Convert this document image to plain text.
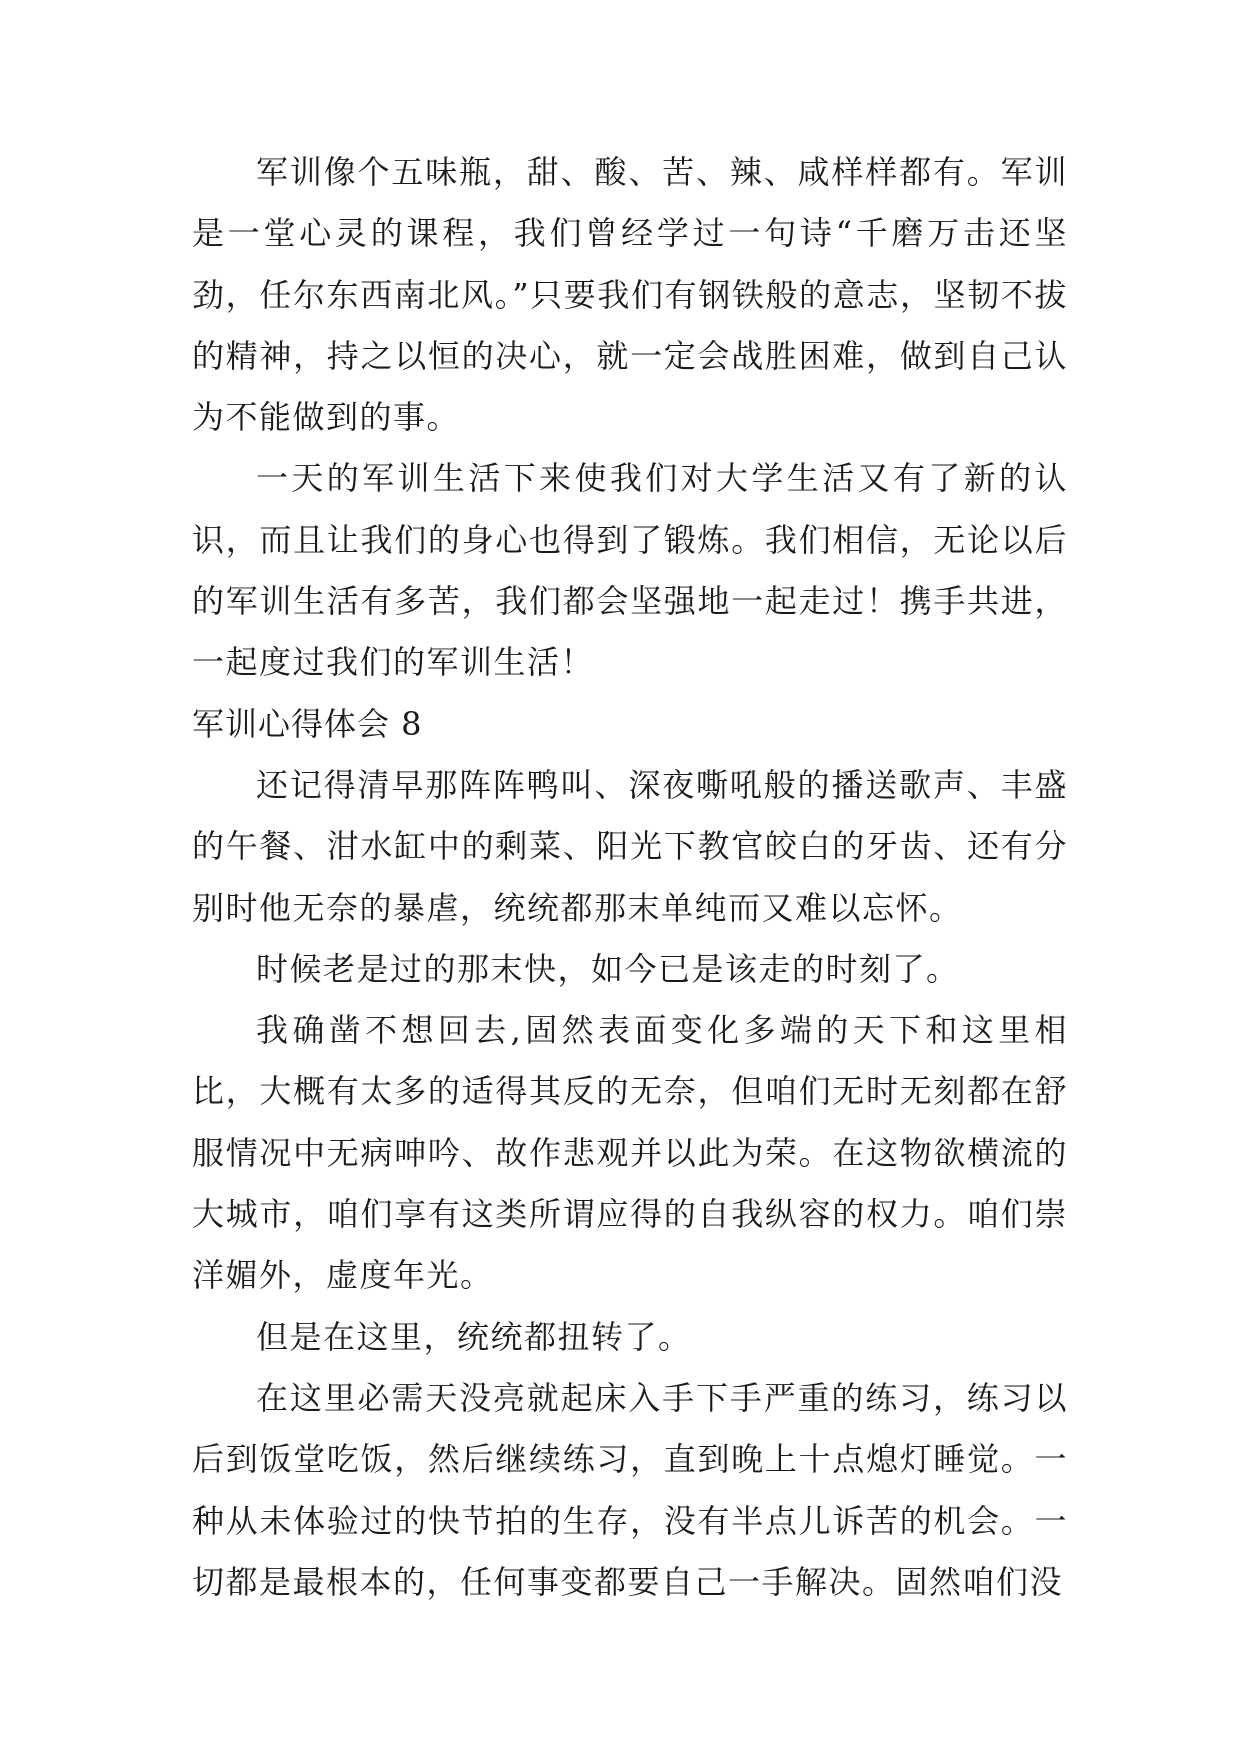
军训像个五味瓶，甜、酸、苦、辣、咸样样都有。军训是一堂心灵的课程，我们曾经学过一句诗“千磨万击还坚劲，任尔东西南北风。”只要我们有钢铁般的意志，坚韧不拔的精神，持之以恒的决心，就一定会战胜困难，做到自己认为不能做到的事。

一天的军训生活下来使我们对大学生活又有了新的认识，而且让我们的身心也得到了锻炼。我们相信，无论以后的军训生活有多苦，我们都会坚强地一起走过！携手共进，一起度过我们的军训生活！

军训心得体会 8

还记得清早那阵阵鸭叫、深夜嘶吼般的播送歌声、丰盛的午餐、泔水缸中的剩菜、阳光下教官皎白的牙齿、还有分别时他无奈的暴虐，统统都那末单纯而又难以忘怀。

时候老是过的那末快，如今已是该走的时刻了。

我确凿不想回去,固然表面变化多端的天下和这里相比，大概有太多的适得其反的无奈，但咱们无时无刻都在舒服情况中无病呻吟、故作悲观并以此为荣。在这物欲横流的大城市，咱们享有这类所谓应得的自我纵容的权力。咱们崇洋媚外，虚度年光。

但是在这里，统统都扭转了。

在这里必需天没亮就起床入手下手严重的练习，练习以后到饭堂吃饭，然后继续练习，直到晚上十点熄灯睡觉。一种从未体验过的快节拍的生存，没有半点儿诉苦的机会。一切都是最根本的，任何事变都要自己一手解决。固然咱们没
